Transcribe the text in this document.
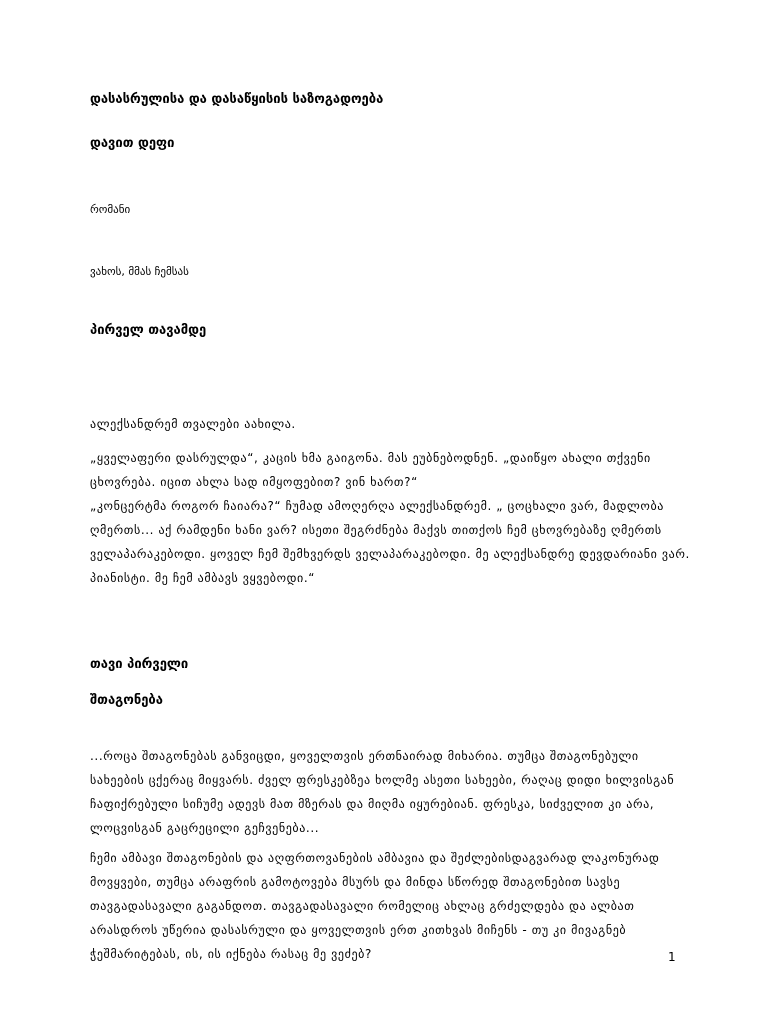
დასასრულისა და დასაწყისის საზოგადოება

დავით დეფი

რომანი

ვახოს, მმას ჩემსას

პირველ თავამდე

ალექსანდრემ თვალები აახილა.

„ყველაფერი დასრულდა“, კაცის ხმა გაიგონა. მას ეუბნებოდნენ. „დაიწყო ახალი თქვენი ცხოვრება. იცით ახლა სად იმყოფებით? ვინ ხართ?“

„კონცერტმა როგორ ჩაიარა?“ ჩუმად ამოღერღა ალექსანდრემ. „ ცოცხალი ვარ, მადლობა ღმერთს... აქ რამდენი ხანი ვარ? ისეთი შეგრძნება მაქვს თითქოს ჩემ ცხოვრებაზე ღმერთს ველაპარაკებოდი. ყოველ ჩემ შემხვერდს ველაპარაკებოდი. მე ალექსანდრე დევდარიანი ვარ. პიანისტი. მე ჩემ ამბავს ვყვებოდი.“

თავი პირველი

შთაგონება

...როცა შთაგონებას განვიცდი, ყოველთვის ერთნაირად მიხარია. თუმცა შთაგონებული სახეების ცქერაც მიყვარს. ძველ ფრესკებზეა ხოლმე ასეთი სახეები, რაღაც დიდი ხილვისგან ჩაფიქრებული სიჩუმე ადევს მათ მზერას და მიღმა იყურებიან. ფრესკა, სიძველით კი არა, ლოცვისგან გაცრეცილი გეჩვენება...

ჩემი ამბავი შთაგონების და აღფრთოვანების ამბავია და შეძლებისდაგვარად ლაკონურად მოვყვები, თუმცა არაფრის გამოტოვება მსურს და მინდა სწორედ შთაგონებით სავსე თავგადასავალი გაგანდოთ. თავგადასავალი რომელიც ახლაც გრძელდება და ალბათ არასდროს უწერია დასასრული და ყოველთვის ერთ კითხვას მიჩენს - თუ კი მივაგნებ ჭეშმარიტებას, ის, ის იქნება რასაც მე ვეძებ?	1
